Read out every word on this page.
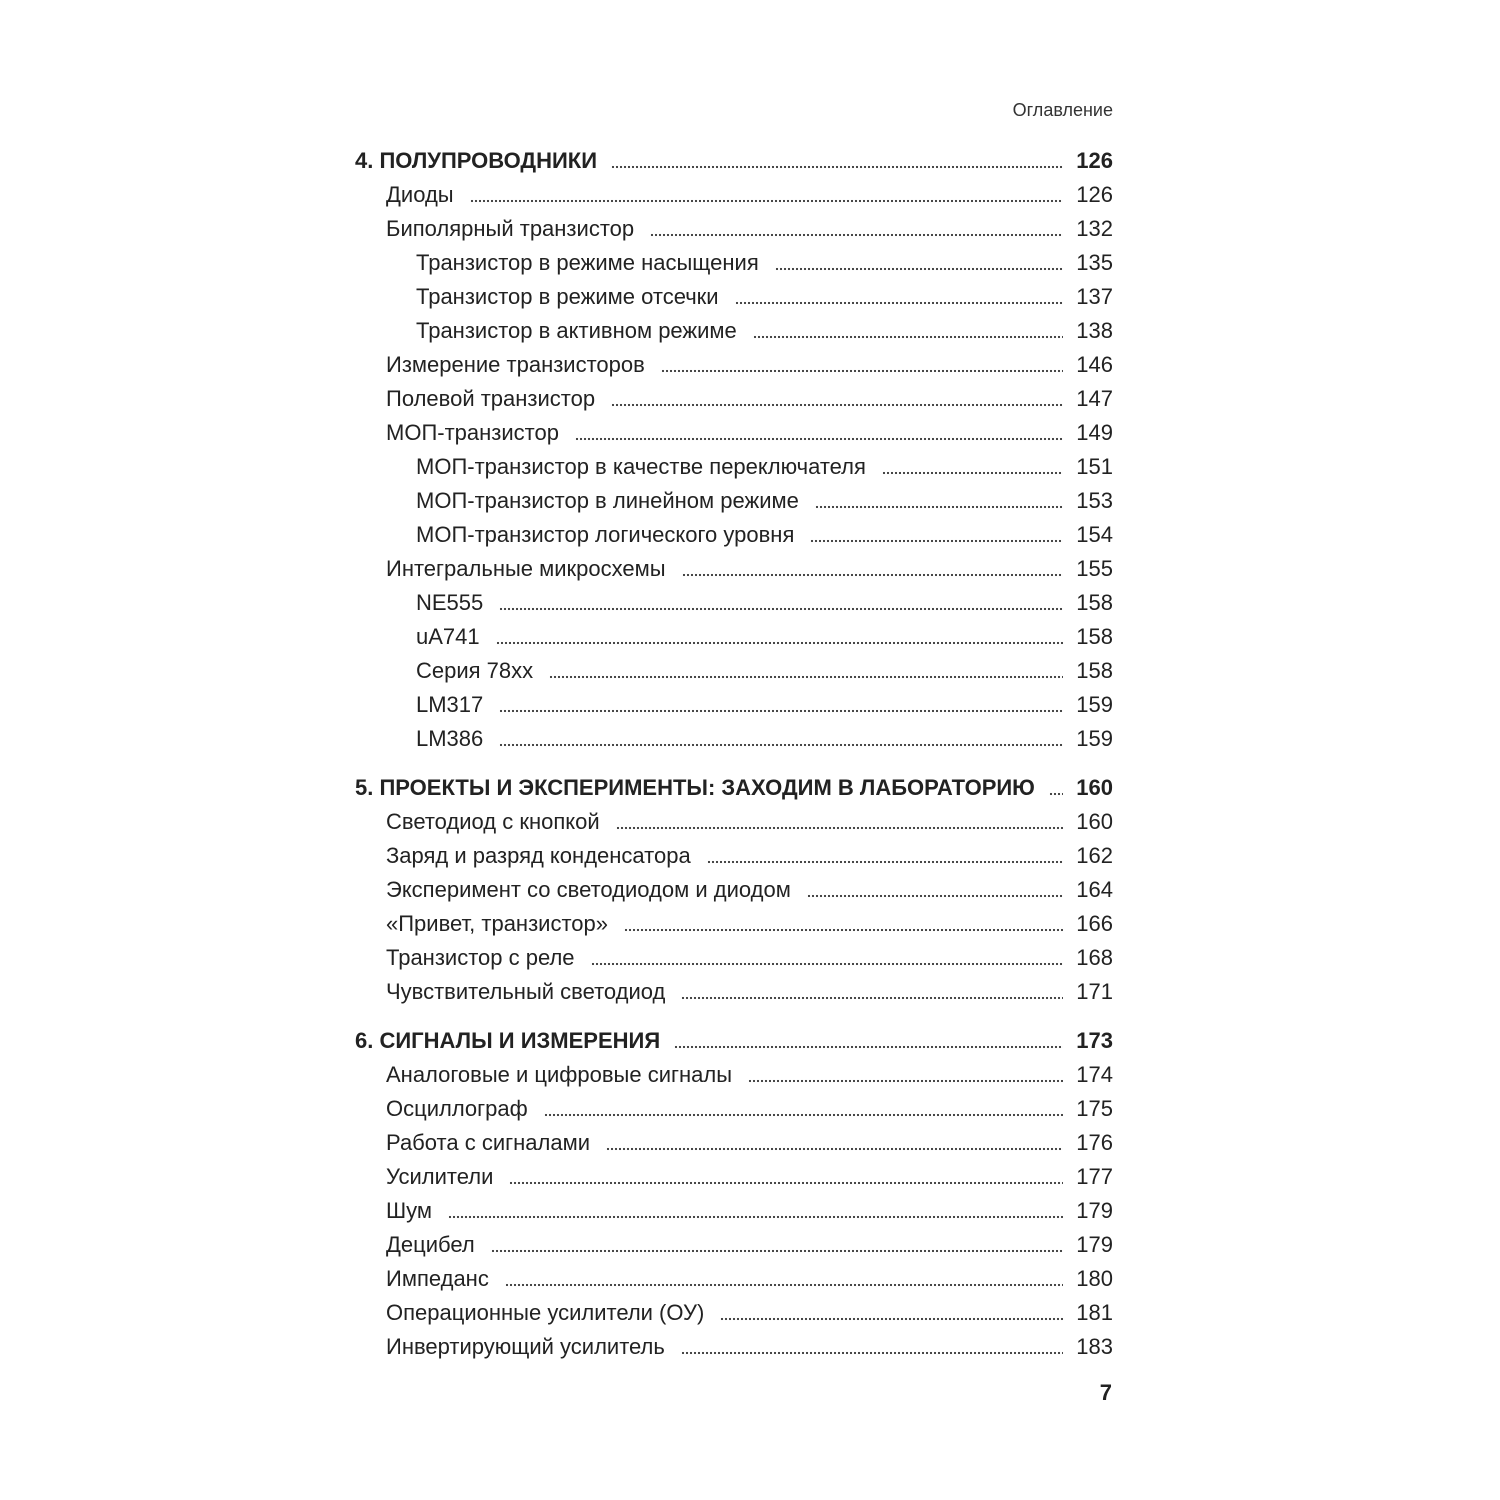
Оглавление
4. ПОЛУПРОВОДНИКИ	126
Диоды	126
Биполярный транзистор	132
Транзистор в режиме насыщения	135
Транзистор в режиме отсечки	137
Транзистор в активном режиме	138
Измерение транзисторов	146
Полевой транзистор	147
МОП-транзистор	149
МОП-транзистор в качестве переключателя	151
МОП-транзистор в линейном режиме	153
МОП-транзистор логического уровня	154
Интегральные микросхемы	155
NE555	158
uA741	158
Серия 78xx	158
LM317	159
LM386	159
5. ПРОЕКТЫ И ЭКСПЕРИМЕНТЫ: ЗАХОДИМ В ЛАБОРАТОРИЮ 160
Светодиод с кнопкой	160
Заряд и разряд конденсатора	162
Эксперимент со светодиодом и диодом	164
«Привет, транзистор»	166
Транзистор с реле	168
Чувствительный светодиод	171
6. СИГНАЛЫ И ИЗМЕРЕНИЯ	173
Аналоговые и цифровые сигналы	174
Осциллограф	175
Работа с сигналами	176
Усилители	177
Шум	179
Децибел	179
Импеданс	180
Операционные усилители (ОУ)	181
Инвертирующий усилитель	183
7
